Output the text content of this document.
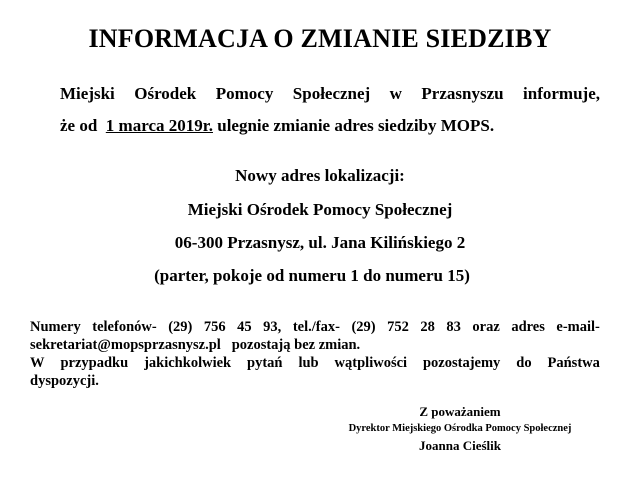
INFORMACJA O ZMIANIE SIEDZIBY
Miejski Ośrodek Pomocy Społecznej w Przasnyszu informuje,
że od 1 marca 2019r. ulegnie zmianie adres siedziby MOPS.
Nowy adres lokalizacji:
Miejski Ośrodek Pomocy Społecznej
06-300 Przasnysz, ul. Jana Kilińskiego 2
(parter, pokoje od numeru 1 do numeru 15)
Numery telefonów- (29) 756 45 93, tel./fax- (29) 752 28 83 oraz adres e-mail-
sekretariat@mopsprzasnysz.pl   pozostają bez zmian.
W przypadku jakichkolwiek pytań lub wątpliwości pozostajemy do Państwa
dyspozycji.
Z poważaniem
Dyrektor Miejskiego Ośrodka Pomocy Społecznej
Joanna Cieślik
